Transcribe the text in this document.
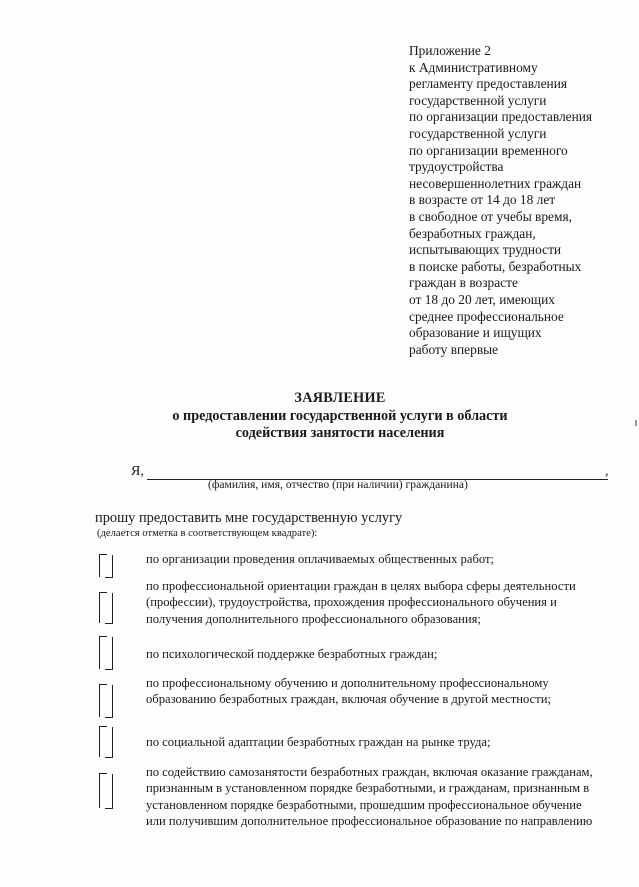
Приложение 2
к Административному
регламенту предоставления
государственной услуги
по организации предоставления
государственной услуги
по организации временного
трудоустройства
несовершеннолетних граждан
в возрасте от 14 до 18 лет
в свободное от учебы время,
безработных граждан,
испытывающих трудности
в поиске работы, безработных
граждан в возрасте
от 18 до 20 лет, имеющих
среднее профессиональное
образование и ищущих
работу впервые
ЗАЯВЛЕНИЕ
о предоставлении государственной услуги в области
содействия занятости населения
Я,	,
(фамилия, имя, отчество (при наличии) гражданина)
прошу предоставить мне государственную услугу
(делается отметка в соответствующем квадрате):
по организации проведения оплачиваемых общественных работ;
по профессиональной ориентации граждан в целях выбора сферы деятельности
(профессии), трудоустройства, прохождения профессионального обучения и
получения дополнительного профессионального образования;
по психологической поддержке безработных граждан;
по профессиональному обучению и дополнительному профессиональному
образованию безработных граждан, включая обучение в другой местности;
по социальной адаптации безработных граждан на рынке труда;
по содействию самозанятости безработных граждан, включая оказание гражданам,
признанным в установленном порядке безработными, и гражданам, признанным в
установленном порядке безработными, прошедшим профессиональное обучение
или получившим дополнительное профессиональное образование по направлению
